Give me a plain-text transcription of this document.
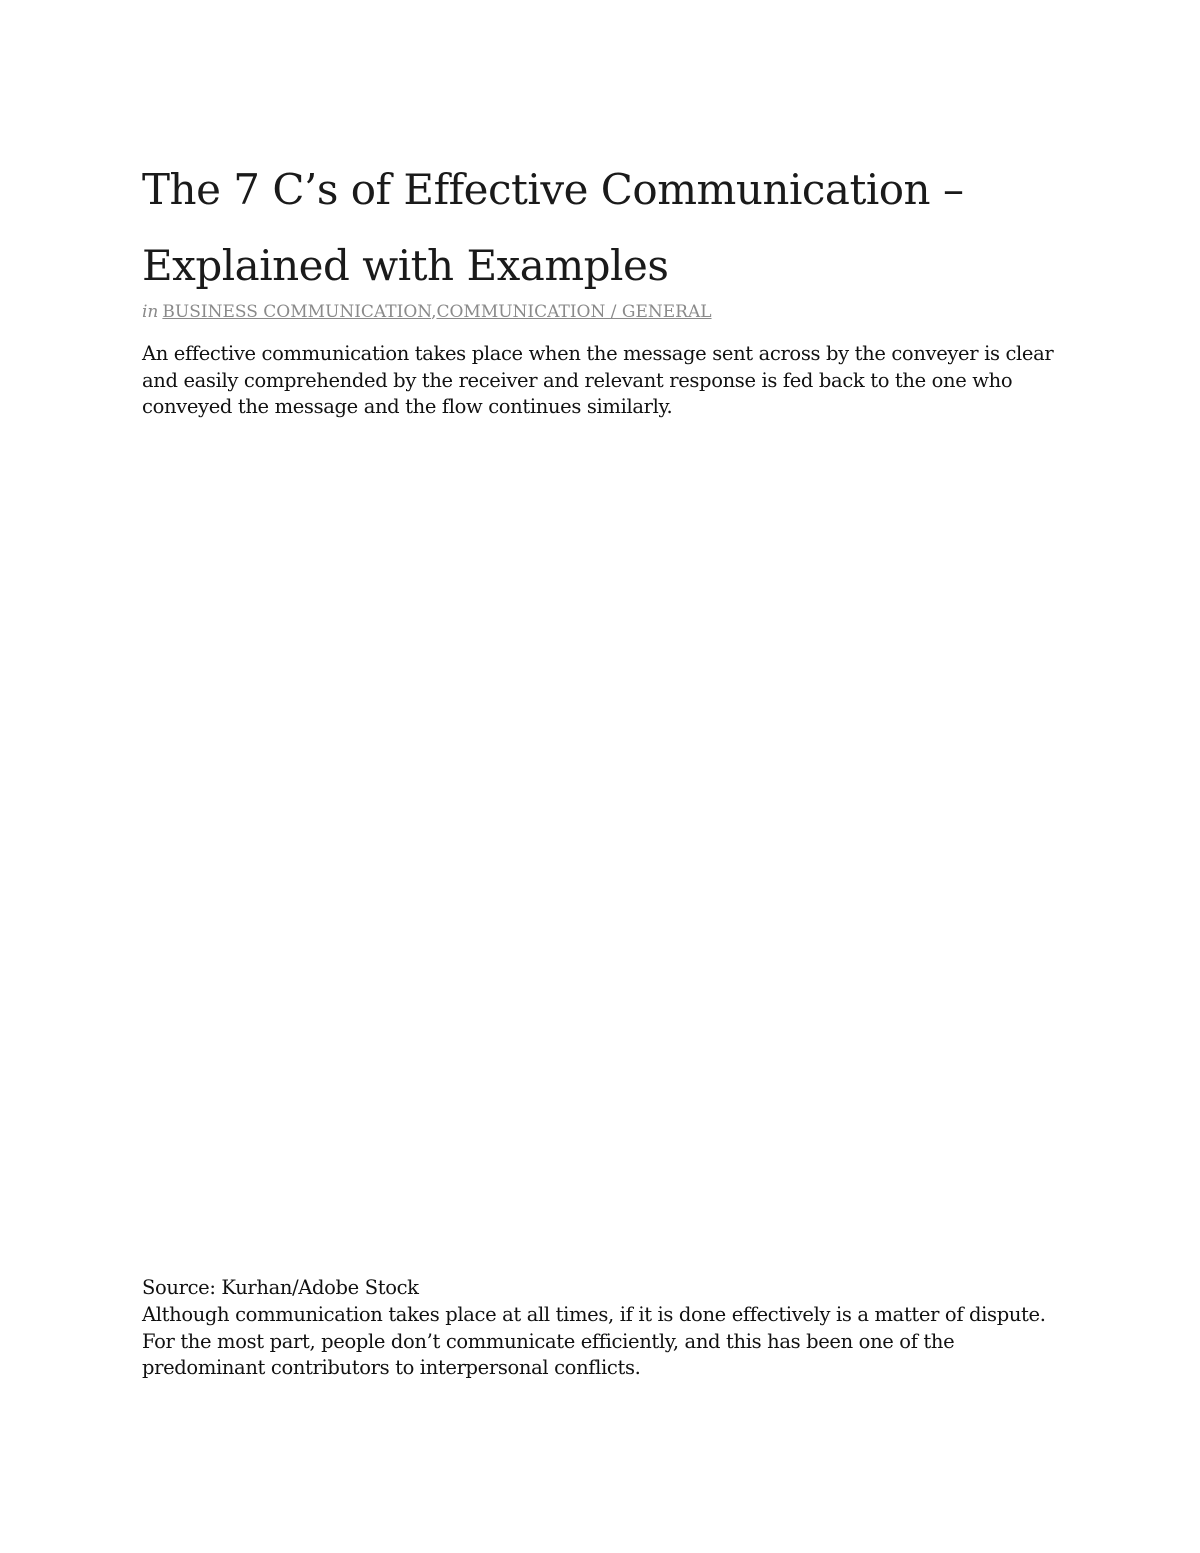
The 7 C’s of Effective Communication –
Explained with Examples
in BUSINESS COMMUNICATION,COMMUNICATION / GENERAL

An effective communication takes place when the message sent across by the conveyer is clear and easily comprehended by the receiver and relevant response is fed back to the one who conveyed the message and the flow continues similarly.

Source: Kurhan/Adobe Stock

Although communication takes place at all times, if it is done effectively is a matter of dispute. For the most part, people don’t communicate efficiently, and this has been one of the predominant contributors to interpersonal conflicts.
